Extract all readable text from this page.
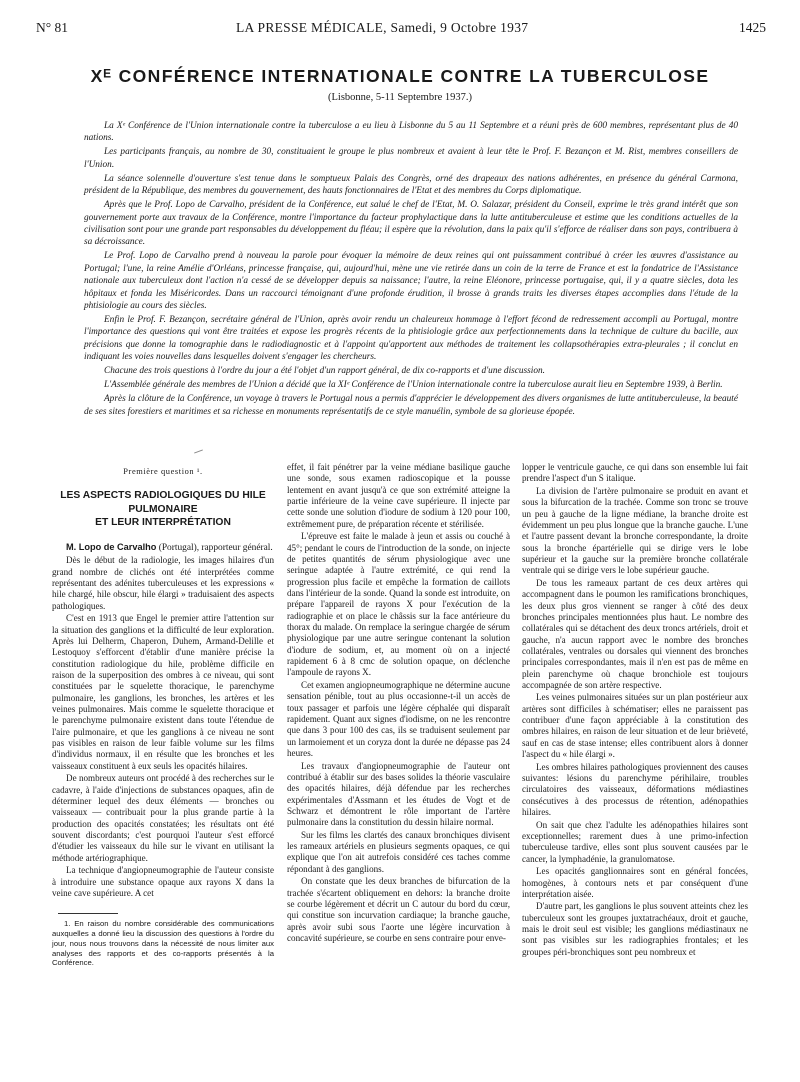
N° 81	LA PRESSE MÉDICALE, Samedi, 9 Octobre 1937	1425
Xᴱ CONFÉRENCE INTERNATIONALE CONTRE LA TUBERCULOSE
(Lisbonne, 5-11 Septembre 1937.)

La Xᵉ Conférence de l'Union internationale contre la tuberculose a eu lieu à Lisbonne du 5 au 11 Septembre et a réuni près de 600 membres, représentant plus de 40 nations.

Les participants français, au nombre de 30, constituaient le groupe le plus nombreux et avaient à leur tête le Prof. F. Bezançon et M. Rist, membres conseillers de l'Union.

La séance solennelle d'ouverture s'est tenue dans le somptueux Palais des Congrès, orné des drapeaux des nations adhérentes, en présence du général Carmona, président de la République, des membres du gouvernement, des hauts fonctionnaires de l'Etat et des membres du Corps diplomatique.

Après que le Prof. Lopo de Carvalho, président de la Conférence, eut salué le chef de l'Etat, M. O. Salazar, président du Conseil, exprime le très grand intérêt que son gouvernement porte aux travaux de la Conférence, montre l'importance du facteur prophylactique dans la lutte antituberculeuse et estime que les conditions actuelles de la civilisation sont pour une grande part responsables du développement du fléau; il espère que la révolution, dans la paix qu'il s'efforce de réaliser dans son pays, contribuera à sa décroissance.

Le Prof. Lopo de Carvalho prend à nouveau la parole pour évoquer la mémoire de deux reines qui ont puissamment contribué à créer les œuvres d'assistance au Portugal; l'une, la reine Amélie d'Orléans, princesse française, qui, aujourd'hui, mène une vie retirée dans un coin de la terre de France et est la fondatrice de l'Assistance nationale aux tuberculeux dont l'action n'a cessé de se développer depuis sa naissance; l'autre, la reine Eléonore, princesse portugaise, qui, il y a quatre siècles, dota les hôpitaux et fonda les Miséricordes. Dans un raccourci témoignant d'une profonde érudition, il brosse à grands traits les diverses étapes accomplies dans l'étude de la phtisiologie au cours des siècles.

Enfin le Prof. F. Bezançon, secrétaire général de l'Union, après avoir rendu un chaleureux hommage à l'effort fécond de redressement accompli au Portugal, montre l'importance des questions qui vont être traitées et expose les progrès récents de la phtisiologie grâce aux perfectionnements dans la technique de culture du bacille, aux précisions que donne la tomographie dans le radiodiagnostic et à l'appoint qu'apportent aux méthodes de traitement les collapsothérapies extra-pleurales ; il conclut en indiquant les voies nouvelles dans lesquelles doivent s'engager les chercheurs.

Chacune des trois questions à l'ordre du jour a été l'objet d'un rapport général, de dix co-rapports et d'une discussion.

L'Assemblée générale des membres de l'Union a décidé que la XIᵉ Conférence de l'Union internationale contre la tuberculose aurait lieu en Septembre 1939, à Berlin.

Après la clôture de la Conférence, un voyage à travers le Portugal nous a permis d'apprécier le développement des divers organismes de lutte antituberculeuse, la beauté de ses sites forestiers et maritimes et sa richesse en monuments représentatifs de ce style manuélin, symbole de sa glorieuse épopée.

Première question ¹.
LES ASPECTS RADIOLOGIQUES DU HILE
PULMONAIRE
ET LEUR INTERPRÉTATION

M. Lopo de Carvalho (Portugal), rapporteur général.

Dès le début de la radiologie, les images hilaires d'un grand nombre de clichés ont été interprétées comme représentant des adénites tuberculeuses et les expressions « hile chargé, hile obscur, hile élargi » traduisaient des aspects pathologiques.

C'est en 1913 que Engel le premier attire l'attention sur la situation des ganglions et la difficulté de leur exploration. Après lui Delherm, Chaperon, Duhem, Armand-Delille et Lestoquoy s'efforcent d'établir d'une manière précise la constitution radiologique du hile, problème difficile en raison de la superposition des ombres à ce niveau, qui sont constituées par le squelette thoracique, le parenchyme pulmonaire, les ganglions, les bronches, les artères et les veines pulmonaires. Mais comme le squelette thoracique et le parenchyme pulmonaire existent dans toute l'étendue de l'aire pulmonaire, et que les ganglions à ce niveau ne sont pas visibles en raison de leur faible volume sur les films d'individus normaux, il en résulte que les bronches et les vaisseaux constituent à eux seuls les opacités hilaires.

De nombreux auteurs ont procédé à des recherches sur le cadavre, à l'aide d'injections de substances opaques, afin de déterminer lequel des deux éléments — bronches ou vaisseaux — contribuait pour la plus grande partie à la production des opacités constatées; les résultats ont été souvent discordants; c'est pourquoi l'auteur s'est efforcé d'étudier les vaisseaux du hile sur le vivant en utilisant la méthode artériographique.

La technique d'angiopneumographie de l'auteur consiste à introduire une substance opaque aux rayons X dans la veine cave supérieure. A cet

1. En raison du nombre considérable des communications auxquelles a donné lieu la discussion des questions à l'ordre du jour, nous nous trouvons dans la nécessité de nous limiter aux analyses des rapports et des co-rapports présentés à la Conférence.

effet, il fait pénétrer par la veine médiane basilique gauche une sonde, sous examen radioscopique et la pousse lentement en avant jusqu'à ce que son extrémité atteigne la partie inférieure de la veine cave supérieure. Il injecte par cette sonde une solution d'iodure de sodium à 120 pour 100, extrêmement pure, de préparation récente et stérilisée.

L'épreuve est faite le malade à jeun et assis ou couché à 45°; pendant le cours de l'introduction de la sonde, on injecte de petites quantités de sérum physiologique avec une seringue adaptée à l'autre extrémité, ce qui rend la progression plus facile et empêche la formation de caillots dans l'intérieur de la sonde. Quand la sonde est introduite, on prépare l'appareil de rayons X pour l'exécution de la radiographie et on place le châssis sur la face antérieure du thorax du malade. On remplace la seringue chargée de sérum physiologique par une autre seringue contenant la solution d'iodure de sodium, et, au moment où on a injecté rapidement 6 à 8 cmc de solution opaque, on déclenche l'ampoule de rayons X.

Cet examen angiopneumographique ne détermine aucune sensation pénible, tout au plus occasionne-t-il un accès de toux passager et parfois une légère céphalée qui disparaît rapidement. Quant aux signes d'iodisme, on ne les rencontre que dans 3 pour 100 des cas, ils se traduisent seulement par un larmoiement et un coryza dont la durée ne dépasse pas 24 heures.

Les travaux d'angiopneumographie de l'auteur ont contribué à établir sur des bases solides la théorie vasculaire des opacités hilaires, déjà défendue par les recherches expérimentales d'Assmann et les études de Vogt et de Schwarz et démontrent le rôle important de l'artère pulmonaire dans la constitution du dessin hilaire normal.

Sur les films les clartés des canaux bronchiques divisent les rameaux artériels en plusieurs segments opaques, ce qui explique que l'on ait autrefois considéré ces taches comme répondant à des ganglions.

On constate que les deux branches de bifurcation de la trachée s'écartent obliquement en dehors: la branche droite se courbe légèrement et décrit un C autour du bord du cœur, qui constitue son incurvation cardiaque; la branche gauche, après avoir subi sous l'aorte une légère incurvation à concavité supérieure, se courbe en sens contraire pour enve-

lopper le ventricule gauche, ce qui dans son ensemble lui fait prendre l'aspect d'un S italique.

La division de l'artère pulmonaire se produit en avant et sous la bifurcation de la trachée. Comme son tronc se trouve un peu à gauche de la ligne médiane, la branche droite est évidemment un peu plus longue que la branche gauche. L'une et l'autre passent devant la bronche correspondante, la droite sous la bronche épartérielle qui se dirige vers le lobe supérieur et la gauche sur la première bronche collatérale ventrale qui se dirige vers le lobe supérieur gauche.

De tous les rameaux partant de ces deux artères qui accompagnent dans le poumon les ramifications bronchiques, les deux plus gros viennent se ranger à côté des deux bronches principales mentionnées plus haut. Le nombre des collatérales qui se détachent des deux troncs artériels, droit et gauche, n'a aucun rapport avec le nombre des bronches collatérales, ventrales ou dorsales qui viennent des bronches principales correspondantes, mais il n'en est pas de même en plein parenchyme où chaque bronchiole est toujours accompagnée de son artère respective.

Les veines pulmonaires situées sur un plan postérieur aux artères sont difficiles à schématiser; elles ne paraissent pas contribuer d'une façon appréciable à la constitution des ombres hilaires, en raison de leur situation et de leur brièveté, sauf en cas de stase intense; elles contribuent alors à donner l'aspect du « hile élargi ».

Les ombres hilaires pathologiques proviennent des causes suivantes: lésions du parenchyme périhilaire, troubles circulatoires des vaisseaux, déformations médiastines consécutives à des processus de rétention, adénopathies hilaires.

On sait que chez l'adulte les adénopathies hilaires sont exceptionnelles; rarement dues à une primo-infection tuberculeuse tardive, elles sont plus souvent causées par le cancer, la lymphadénie, la granulomatose.

Les opacités ganglionnaires sont en général foncées, homogènes, à contours nets et par conséquent d'une interprétation aisée.

D'autre part, les ganglions le plus souvent atteints chez les tuberculeux sont les groupes juxtatrachéaux, droit et gauche, mais le droit seul est visible; les ganglions médiastinaux ne sont pas visibles sur les radiographies frontales; et les groupes péri-bronchiques sont peu nombreux et
